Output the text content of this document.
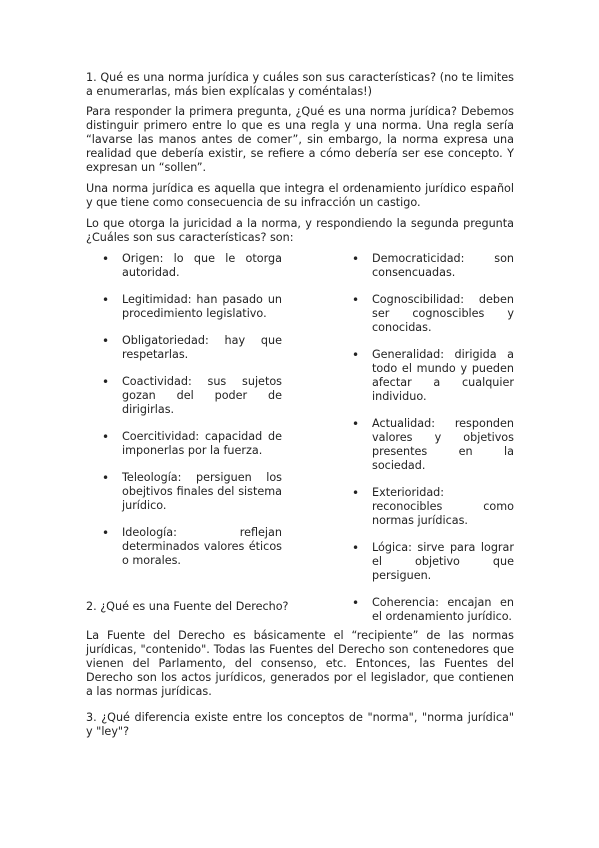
1. Qué es una norma jurídica y cuáles son sus características? (no te limites a enumerarlas, más bien explícalas y coméntalas!)

Para responder la primera pregunta, ¿Qué es una norma jurídica? Debemos distinguir primero entre lo que es una regla y una norma. Una regla sería “lavarse las manos antes de comer”, sin embargo, la norma expresa una realidad que debería existir, se refiere a cómo debería ser ese concepto. Y expresan un “sollen”.

Una norma jurídica es aquella que integra el ordenamiento jurídico español y que tiene como consecuencia de su infracción un castigo.

Lo que otorga la juricidad a la norma, y respondiendo la segunda pregunta ¿Cuáles son sus características? son:

• Origen: lo que le otorga autoridad.
• Legitimidad: han pasado un procedimiento legislativo.
• Obligatoriedad: hay que respetarlas.
• Coactividad: sus sujetos gozan del poder de dirigirlas.
• Coercitividad: capacidad de imponerlas por la fuerza.
• Teleología: persiguen los obejtivos finales del sistema jurídico.
• Ideología: reflejan determinados valores éticos o morales.
• Democraticidad: son consencuadas.
• Cognoscibilidad: deben ser cognoscibles y conocidas.
• Generalidad: dirigida a todo el mundo y pueden afectar a cualquier individuo.
• Actualidad: responden valores y objetivos presentes en la sociedad.
• Exterioridad: reconocibles como normas jurídicas.
• Lógica: sirve para lograr el objetivo que persiguen.
• Coherencia: encajan en el ordenamiento jurídico.

2. ¿Qué es una Fuente del Derecho?

La Fuente del Derecho es básicamente el “recipiente” de las normas jurídicas, "contenido". Todas las Fuentes del Derecho son contenedores que vienen del Parlamento, del consenso, etc. Entonces, las Fuentes del Derecho son los actos jurídicos, generados por el legislador, que contienen a las normas jurídicas.

3. ¿Qué diferencia existe entre los conceptos de "norma", "norma jurídica" y "ley"?
